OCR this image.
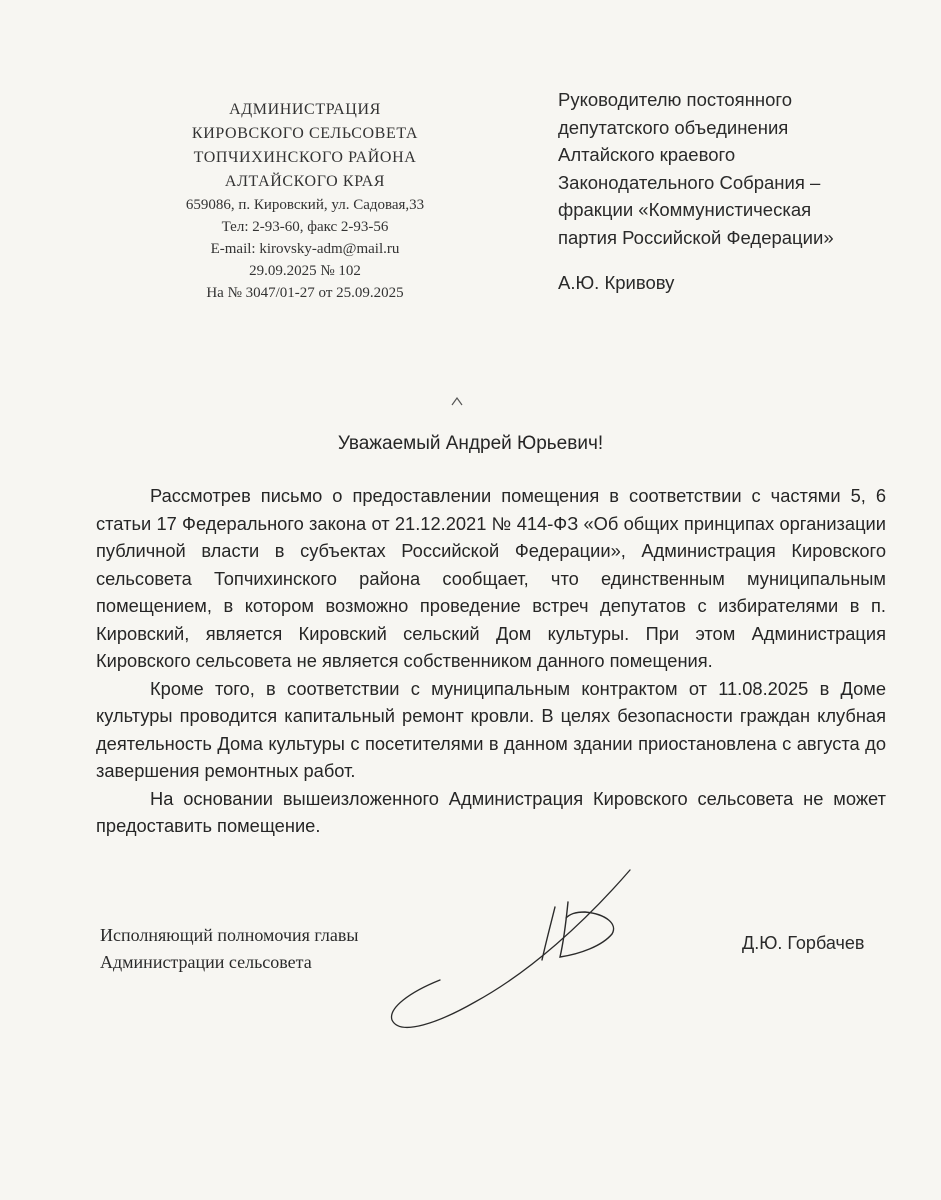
АДМИНИСТРАЦИЯ
КИРОВСКОГО СЕЛЬСОВЕТА
ТОПЧИХИНСКОГО РАЙОНА
АЛТАЙСКОГО КРАЯ
659086, п. Кировский, ул. Садовая,33
Тел: 2-93-60, факс 2-93-56
E-mail: kirovsky-adm@mail.ru
29.09.2025 № 102
На № 3047/01-27 от 25.09.2025
Руководителю постоянного
депутатского объединения
Алтайского краевого
Законодательного Собрания –
фракции «Коммунистическая
партия Российской Федерации»
А.Ю. Кривову
Уважаемый Андрей Юрьевич!

Рассмотрев письмо о предоставлении помещения в соответствии с частями 5, 6 статьи 17 Федерального закона от 21.12.2021 № 414-ФЗ «Об общих принципах организации публичной власти в субъектах Российской Федерации», Администрация Кировского сельсовета Топчихинского района сообщает, что единственным муниципальным помещением, в котором возможно проведение встреч депутатов с избирателями в п. Кировский, является Кировский сельский Дом культуры. При этом Администрация Кировского сельсовета не является собственником данного помещения.

Кроме того, в соответствии с муниципальным контрактом от 11.08.2025 в Доме культуры проводится капитальный ремонт кровли. В целях безопасности граждан клубная деятельность Дома культуры с посетителями в данном здании приостановлена с августа до завершения ремонтных работ.

На основании вышеизложенного Администрация Кировского сельсовета не может предоставить помещение.

Исполняющий полномочия главы
Администрации сельсовета
Д.Ю. Горбачев
